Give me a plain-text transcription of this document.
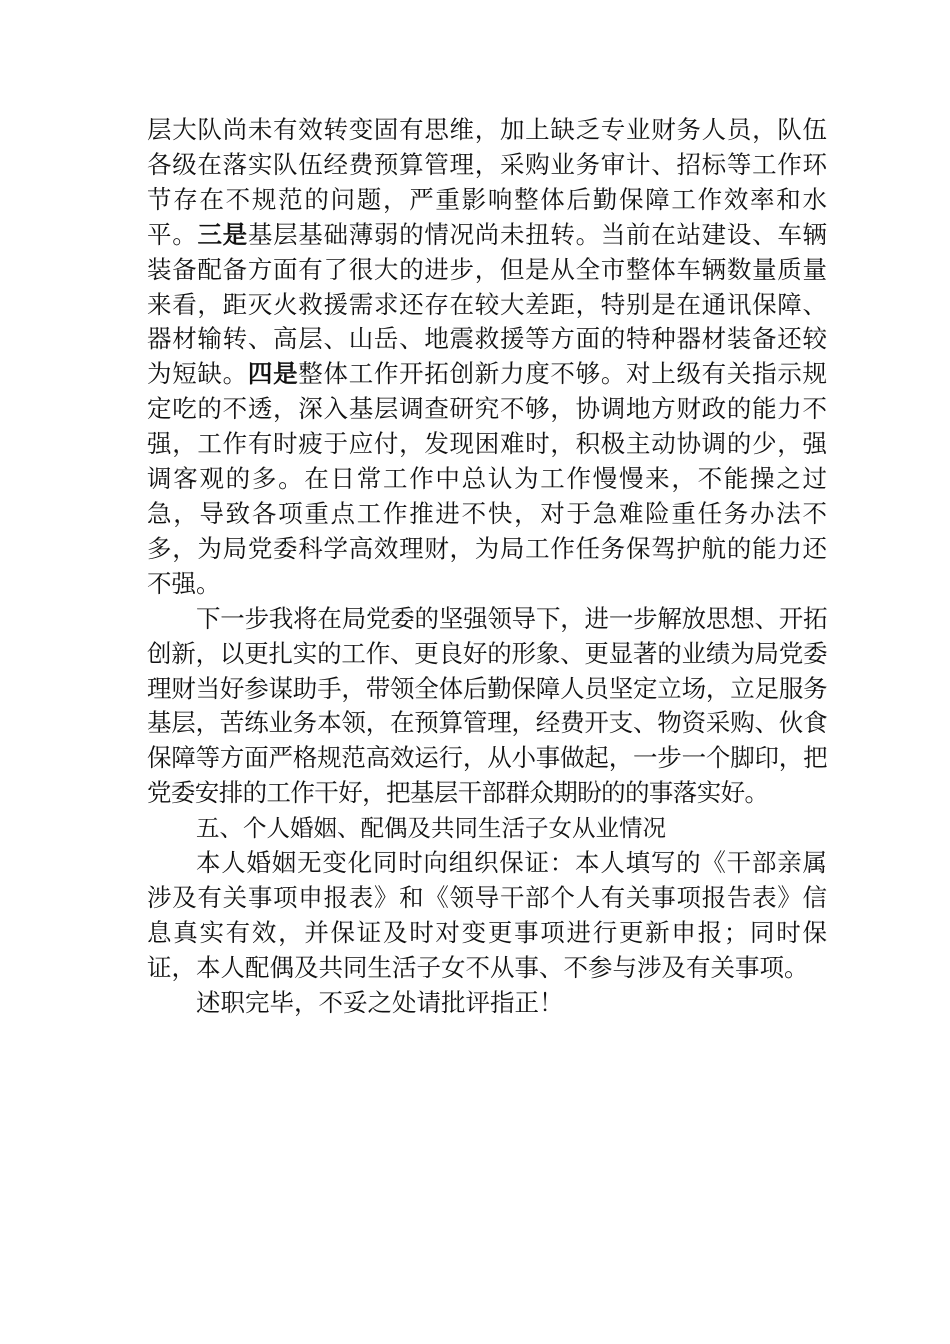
层大队尚未有效转变固有思维，加上缺乏专业财务人员，队伍各级在落实队伍经费预算管理，采购业务审计、招标等工作环节存在不规范的问题，严重影响整体后勤保障工作效率和水平。三是基层基础薄弱的情况尚未扭转。当前在站建设、车辆装备配备方面有了很大的进步，但是从全市整体车辆数量质量来看，距灭火救援需求还存在较大差距，特别是在通讯保障、器材输转、高层、山岳、地震救援等方面的特种器材装备还较为短缺。四是整体工作开拓创新力度不够。对上级有关指示规定吃的不透，深入基层调查研究不够，协调地方财政的能力不强，工作有时疲于应付，发现困难时，积极主动协调的少，强调客观的多。在日常工作中总认为工作慢慢来，不能操之过急，导致各项重点工作推进不快，对于急难险重任务办法不多，为局党委科学高效理财，为局工作任务保驾护航的能力还不强。

下一步我将在局党委的坚强领导下，进一步解放思想、开拓创新，以更扎实的工作、更良好的形象、更显著的业绩为局党委理财当好参谋助手，带领全体后勤保障人员坚定立场，立足服务基层，苦练业务本领，在预算管理，经费开支、物资采购、伙食保障等方面严格规范高效运行，从小事做起，一步一个脚印，把党委安排的工作干好，把基层干部群众期盼的的事落实好。

五、个人婚姻、配偶及共同生活子女从业情况

本人婚姻无变化同时向组织保证：本人填写的《干部亲属涉及有关事项申报表》和《领导干部个人有关事项报告表》信息真实有效，并保证及时对变更事项进行更新申报；同时保证，本人配偶及共同生活子女不从事、不参与涉及有关事项。

述职完毕，不妥之处请批评指正！
